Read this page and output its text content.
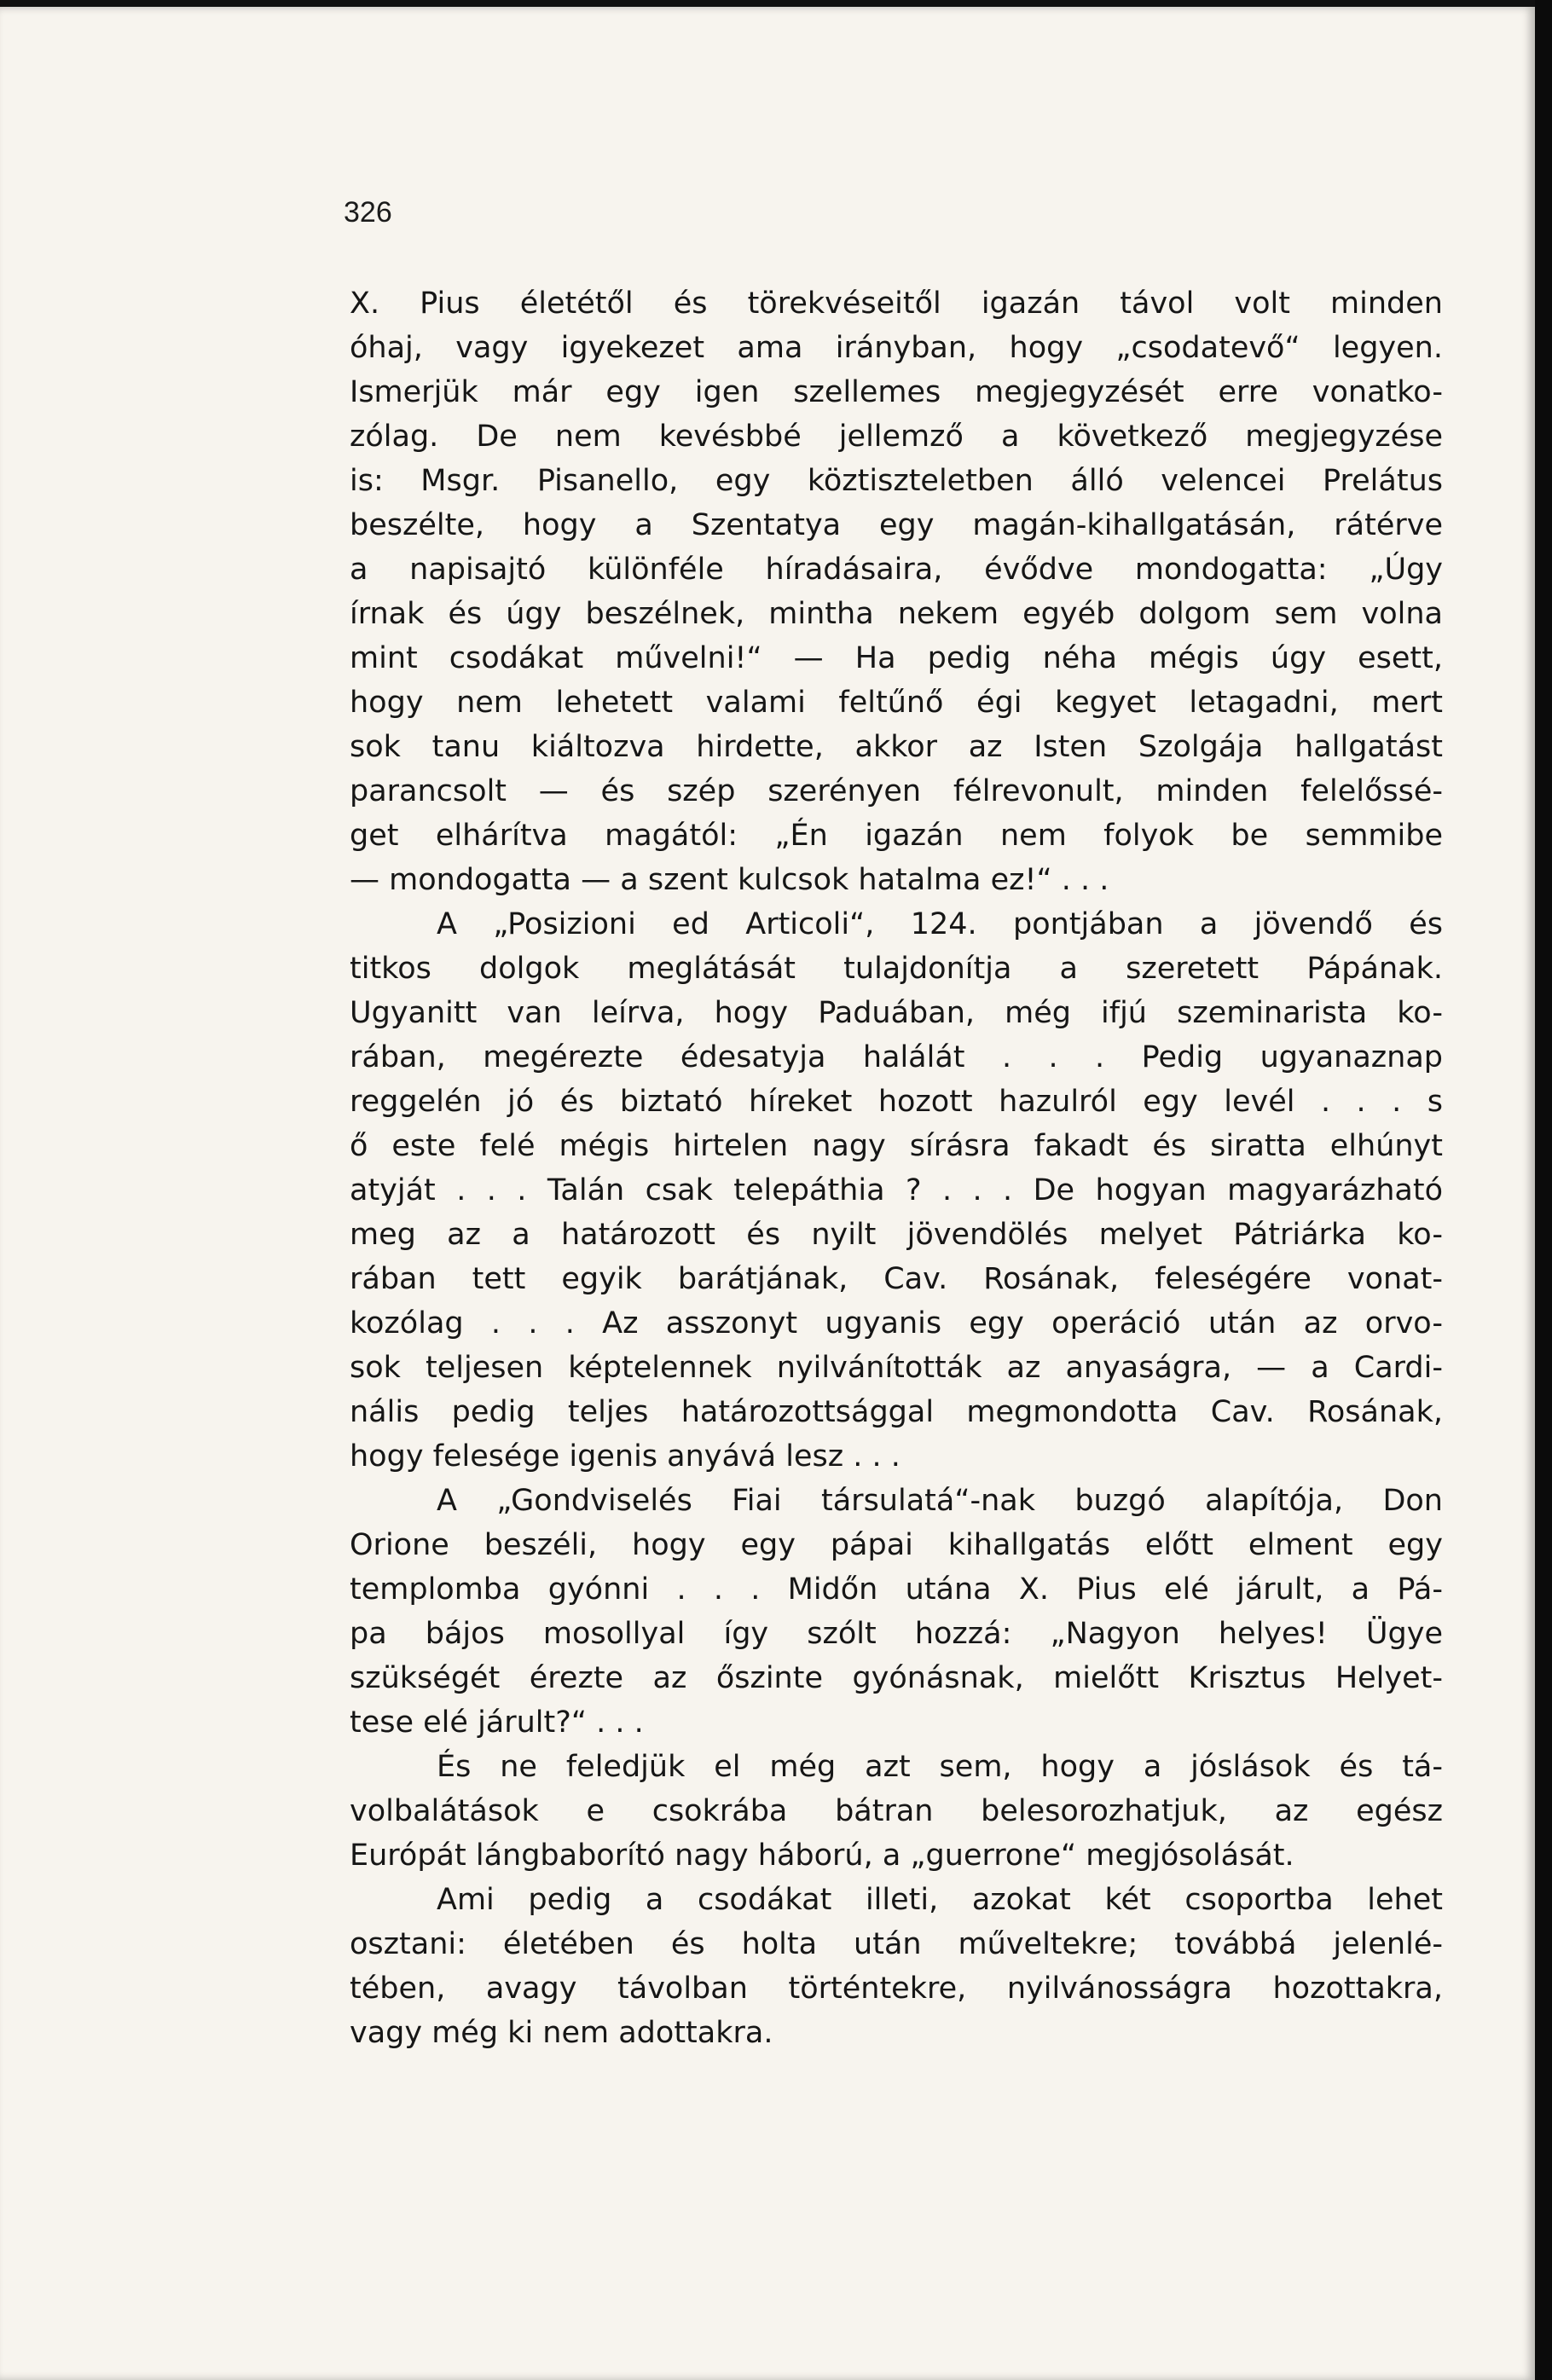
326
X. Pius életétől és törekvéseitől igazán távol volt minden
óhaj, vagy igyekezet ama irányban, hogy „csodatevő“ legyen.
Ismerjük már egy igen szellemes megjegyzését erre vonatko-
zólag. De nem kevésbbé jellemző a következő megjegyzése
is: Msgr. Pisanello, egy köztiszteletben álló velencei Prelátus
beszélte, hogy a Szentatya egy magán-kihallgatásán, rátérve
a napisajtó különféle híradásaira, évődve mondogatta: „Úgy
írnak és úgy beszélnek, mintha nekem egyéb dolgom sem volna
mint csodákat művelni!“ — Ha pedig néha mégis úgy esett,
hogy nem lehetett valami feltűnő égi kegyet letagadni, mert
sok tanu kiáltozva hirdette, akkor az Isten Szolgája hallgatást
parancsolt — és szép szerényen félrevonult, minden felelőssé-
get elhárítva magától: „Én igazán nem folyok be semmibe
— mondogatta — a szent kulcsok hatalma ez!“ . . .
A „Posizioni ed Articoli“, 124. pontjában a jövendő és
titkos dolgok meglátását tulajdonítja a szeretett Pápának.
Ugyanitt van leírva, hogy Paduában, még ifjú szeminarista ko-
rában, megérezte édesatyja halálát . . . Pedig ugyanaznap
reggelén jó és biztató híreket hozott hazulról egy levél . . . s
ő este felé mégis hirtelen nagy sírásra fakadt és siratta elhúnyt
atyját . . . Talán csak telepáthia ? . . . De hogyan magyarázható
meg az a határozott és nyilt jövendölés melyet Pátriárka ko-
rában tett egyik barátjának, Cav. Rosának, feleségére vonat-
kozólag . . . Az asszonyt ugyanis egy operáció után az orvo-
sok teljesen képtelennek nyilvánították az anyaságra, — a Cardi-
nális pedig teljes határozottsággal megmondotta Cav. Rosának,
hogy felesége igenis anyává lesz . . .
A „Gondviselés Fiai társulatá“-nak buzgó alapítója, Don
Orione beszéli, hogy egy pápai kihallgatás előtt elment egy
templomba gyónni . . . Midőn utána X. Pius elé járult, a Pá-
pa bájos mosollyal így szólt hozzá: „Nagyon helyes! Ügye
szükségét érezte az őszinte gyónásnak, mielőtt Krisztus Helyet-
tese elé járult?“ . . .
És ne feledjük el még azt sem, hogy a jóslások és tá-
volbalátások e csokrába bátran belesorozhatjuk, az egész
Európát lángbaborító nagy háború, a „guerrone“ megjósolását.
Ami pedig a csodákat illeti, azokat két csoportba lehet
osztani: életében és holta után műveltekre; továbbá jelenlé-
tében, avagy távolban történtekre, nyilvánosságra hozottakra,
vagy még ki nem adottakra.
